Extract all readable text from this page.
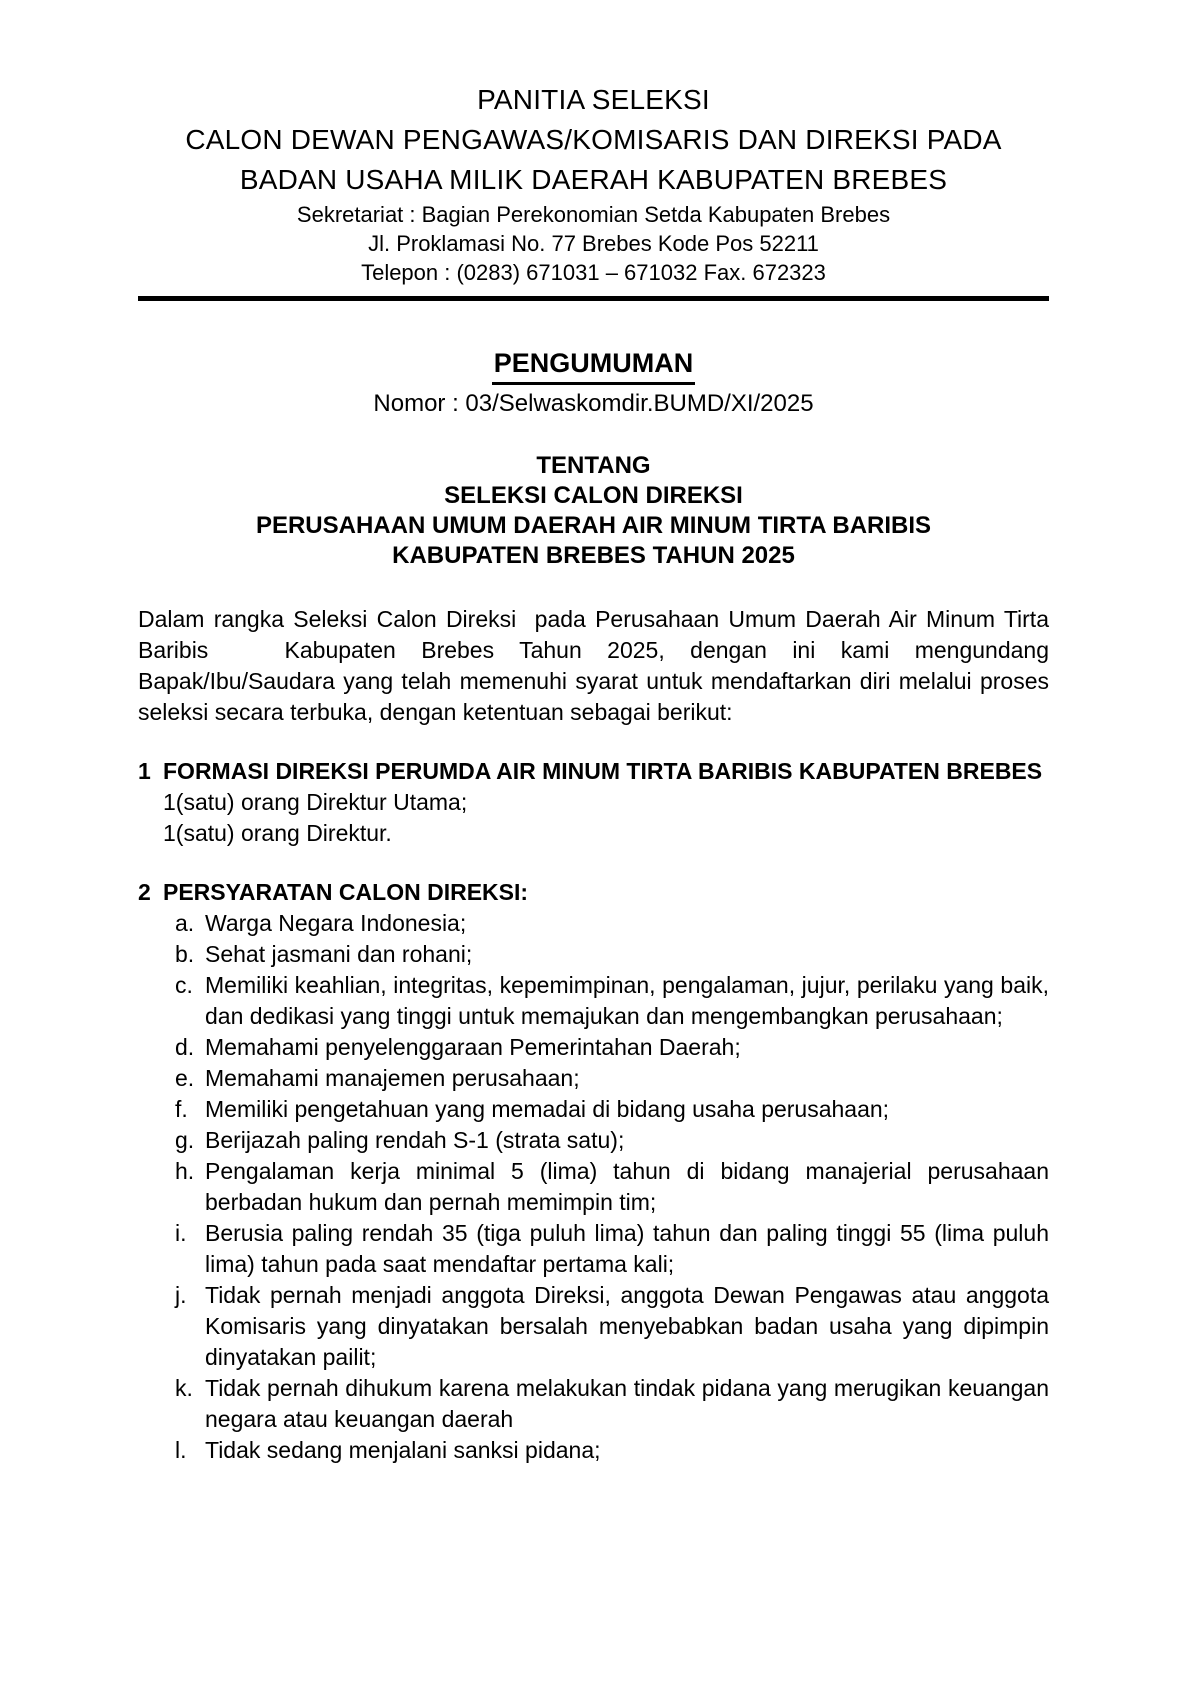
PANITIA SELEKSI
CALON DEWAN PENGAWAS/KOMISARIS DAN DIREKSI PADA
BADAN USAHA MILIK DAERAH KABUPATEN BREBES
Sekretariat : Bagian Perekonomian Setda Kabupaten Brebes
Jl. Proklamasi No. 77 Brebes Kode Pos 52211
Telepon : (0283) 671031 – 671032 Fax. 672323
PENGUMUMAN
Nomor : 03/Selwaskomdir.BUMD/XI/2025
TENTANG
SELEKSI CALON DIREKSI
PERUSAHAAN UMUM DAERAH AIR MINUM TIRTA BARIBIS
KABUPATEN BREBES TAHUN 2025

Dalam rangka Seleksi Calon Direksi  pada Perusahaan Umum Daerah Air Minum Tirta Baribis   Kabupaten Brebes Tahun 2025, dengan ini kami mengundang Bapak/Ibu/Saudara yang telah memenuhi syarat untuk mendaftarkan diri melalui proses seleksi secara terbuka, dengan ketentuan sebagai berikut:

1 FORMASI DIREKSI PERUMDA AIR MINUM TIRTA BARIBIS KABUPATEN BREBES
1(satu) orang Direktur Utama;
1(satu) orang Direktur.
2 PERSYARATAN CALON DIREKSI:
a. Warga Negara Indonesia;
b. Sehat jasmani dan rohani;
c. Memiliki keahlian, integritas, kepemimpinan, pengalaman, jujur, perilaku yang baik, dan dedikasi yang tinggi untuk memajukan dan mengembangkan perusahaan;
d. Memahami penyelenggaraan Pemerintahan Daerah;
e. Memahami manajemen perusahaan;
f. Memiliki pengetahuan yang memadai di bidang usaha perusahaan;
g. Berijazah paling rendah S-1 (strata satu);
h. Pengalaman kerja minimal 5 (lima) tahun di bidang manajerial perusahaan berbadan hukum dan pernah memimpin tim;
i. Berusia paling rendah 35 (tiga puluh lima) tahun dan paling tinggi 55 (lima puluh lima) tahun pada saat mendaftar pertama kali;
j. Tidak pernah menjadi anggota Direksi, anggota Dewan Pengawas atau anggota Komisaris yang dinyatakan bersalah menyebabkan badan usaha yang dipimpin dinyatakan pailit;
k. Tidak pernah dihukum karena melakukan tindak pidana yang merugikan keuangan negara atau keuangan daerah
l. Tidak sedang menjalani sanksi pidana;
